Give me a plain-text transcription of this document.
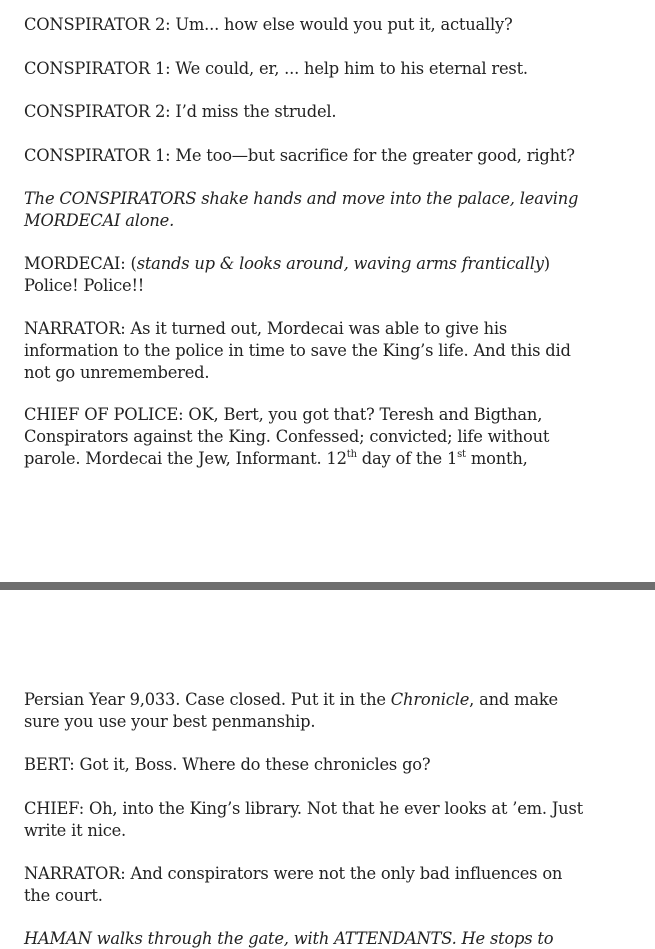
CONSPIRATOR 2: Um... how else would you put it, actually?

CONSPIRATOR 1: We could, er, ... help him to his eternal rest.

CONSPIRATOR 2: I’d miss the strudel.

CONSPIRATOR 1: Me too—but sacrifice for the greater good, right?

The CONSPIRATORS shake hands and move into the palace, leaving
MORDECAI alone.

MORDECAI: (stands up & looks around, waving arms frantically)
Police! Police!!

NARRATOR: As it turned out, Mordecai was able to give his
information to the police in time to save the King’s life. And this did
not go unremembered.

CHIEF OF POLICE: OK, Bert, you got that? Teresh and Bigthan,
Conspirators against the King. Confessed; convicted; life without
parole. Mordecai the Jew, Informant. 12th day of the 1st month,

Persian Year 9,033. Case closed. Put it in the Chronicle, and make
sure you use your best penmanship.

BERT: Got it, Boss. Where do these chronicles go?

CHIEF: Oh, into the King’s library. Not that he ever looks at ’em. Just
write it nice.

NARRATOR: And conspirators were not the only bad influences on
the court.

HAMAN walks through the gate, with ATTENDANTS. He stops to
